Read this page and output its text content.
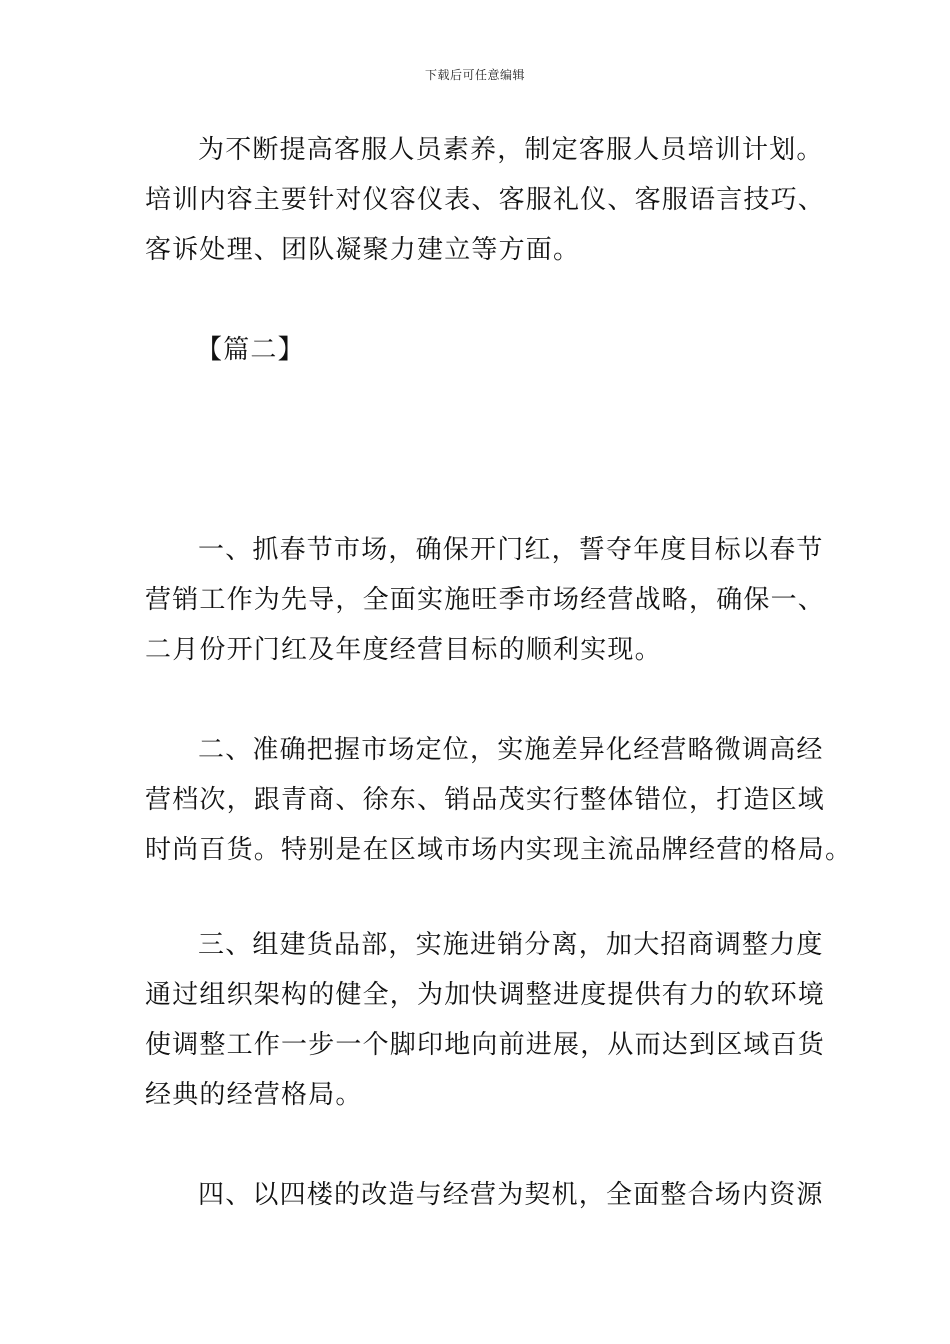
下载后可任意编辑
为不断提高客服人员素养，制定客服人员培训计划。
培训内容主要针对仪容仪表、客服礼仪、客服语言技巧、
客诉处理、团队凝聚力建立等方面。
【篇二】
一、抓春节市场，确保开门红，誓夺年度目标以春节
营销工作为先导，全面实施旺季市场经营战略，确保一、
二月份开门红及年度经营目标的顺利实现。
二、准确把握市场定位，实施差异化经营略微调高经
营档次，跟青商、徐东、销品茂实行整体错位，打造区域
时尚百货。特别是在区域市场内实现主流品牌经营的格局。
三、组建货品部，实施进销分离，加大招商调整力度
通过组织架构的健全，为加快调整进度提供有力的软环境
使调整工作一步一个脚印地向前进展，从而达到区域百货
经典的经营格局。
四、以四楼的改造与经营为契机，全面整合场内资源
